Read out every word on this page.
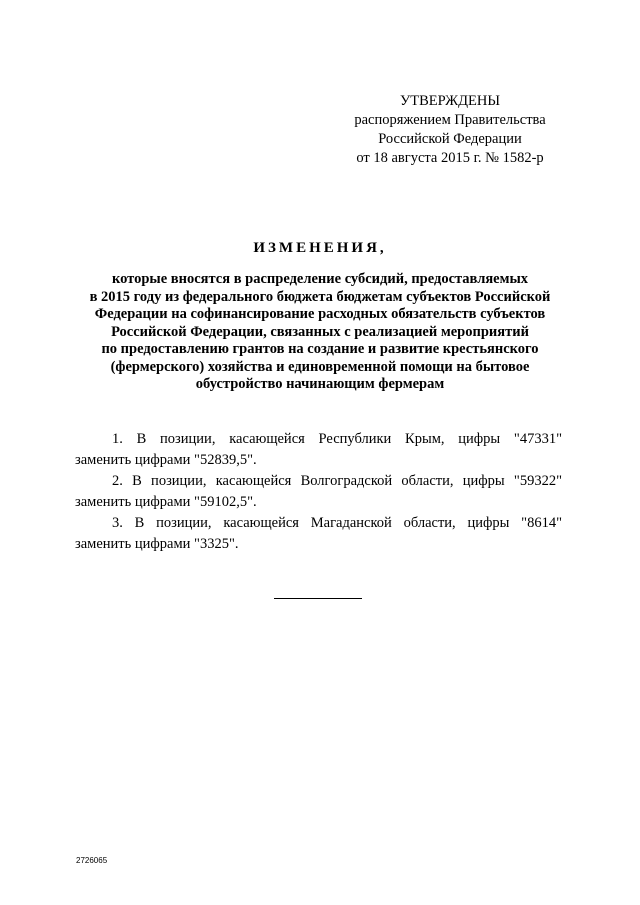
УТВЕРЖДЕНЫ
распоряжением Правительства
Российской Федерации
от 18 августа 2015 г. № 1582-р
ИЗМЕНЕНИЯ,
которые вносятся в распределение субсидий, предоставляемых
в 2015 году из федерального бюджета бюджетам субъектов Российской
Федерации на софинансирование расходных обязательств субъектов
Российской Федерации, связанных с реализацией мероприятий
по предоставлению грантов на создание и развитие крестьянского
(фермерского) хозяйства и единовременной помощи на бытовое
обустройство начинающим фермерам
1. В позиции, касающейся Республики Крым, цифры "47331"
заменить цифрами "52839,5".
2. В позиции, касающейся Волгоградской области, цифры "59322"
заменить цифрами "59102,5".
3. В позиции, касающейся Магаданской области, цифры "8614"
заменить цифрами "3325".
2726065
